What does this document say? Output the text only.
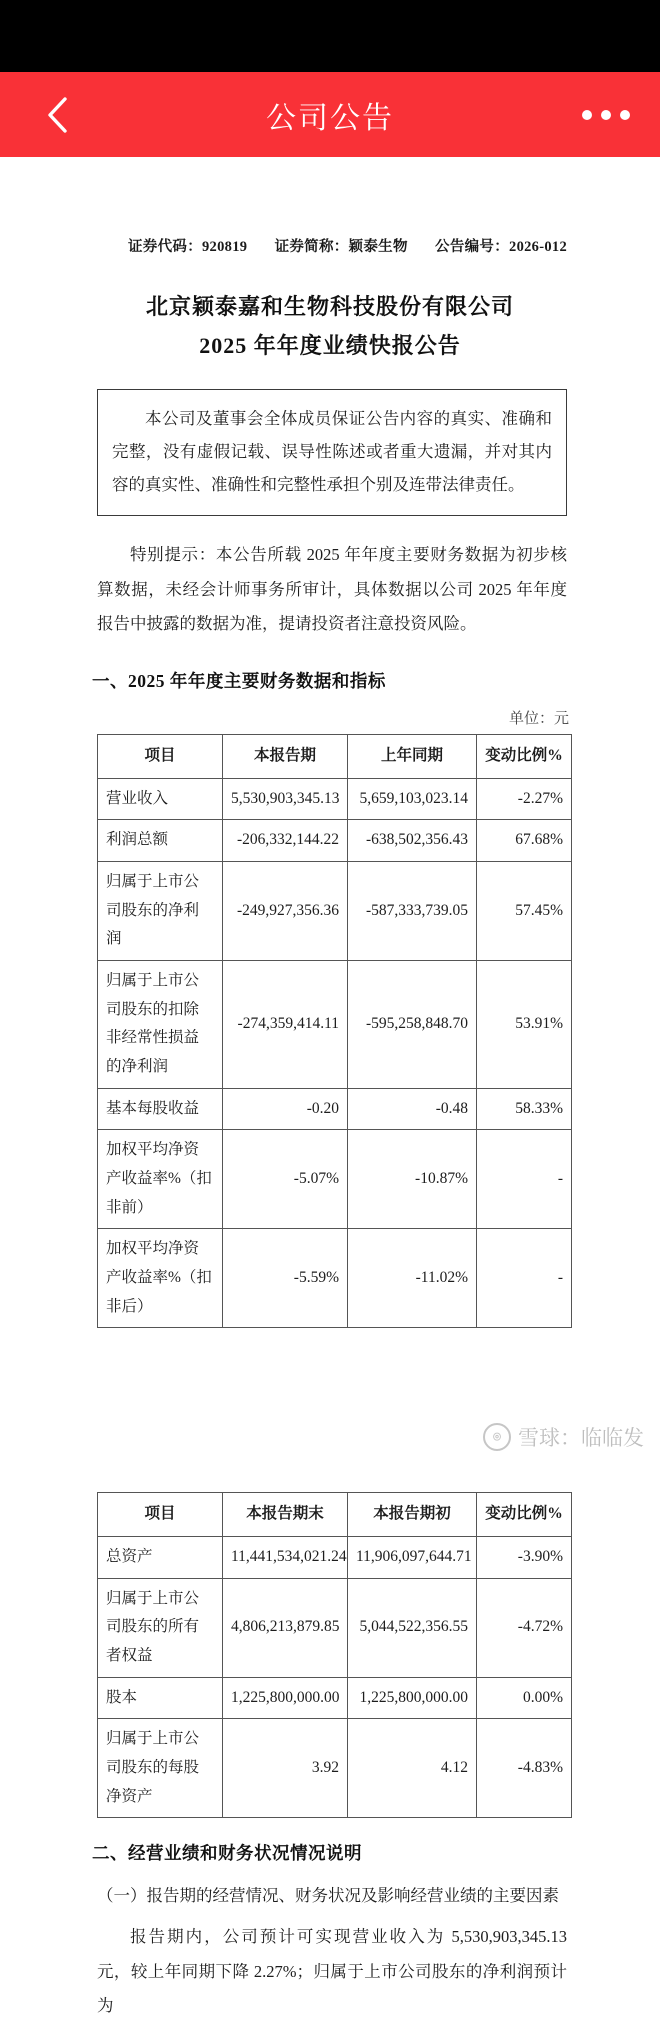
公司公告
证券代码：920819 证券简称：颖泰生物 公告编号：2026-012
北京颖泰嘉和生物科技股份有限公司
2025 年年度业绩快报公告

本公司及董事会全体成员保证公告内容的真实、准确和完整，没有虚假记载、误导性陈述或者重大遗漏，并对其内容的真实性、准确性和完整性承担个别及连带法律责任。

特别提示：本公告所载 2025 年年度主要财务数据为初步核算数据，未经会计师事务所审计，具体数据以公司 2025 年年度报告中披露的数据为准，提请投资者注意投资风险。
一、2025 年年度主要财务数据和指标
单位：元
项目	本报告期	上年同期	变动比例%
营业收入	5,530,903,345.13	5,659,103,023.14	-2.27%
利润总额	-206,332,144.22	-638,502,356.43	67.68%
归属于上市公司股东的净利润	-249,927,356.36	-587,333,739.05	57.45%
归属于上市公司股东的扣除非经常性损益的净利润	-274,359,414.11	-595,258,848.70	53.91%
基本每股收益	-0.20	-0.48	58.33%
加权平均净资产收益率%（扣非前）	-5.07%	-10.87%	-
加权平均净资产收益率%（扣非后）	-5.59%	-11.02%	-
项目	本报告期末	本报告期初	变动比例%
总资产	11,441,534,021.24	11,906,097,644.71	-3.90%
归属于上市公司股东的所有者权益	4,806,213,879.85	5,044,522,356.55	-4.72%
股本	1,225,800,000.00	1,225,800,000.00	0.00%
归属于上市公司股东的每股净资产	3.92	4.12	-4.83%
二、经营业绩和财务状况情况说明
（一）报告期的经营情况、财务状况及影响经营业绩的主要因素
报告期内，公司预计可实现营业收入为 5,530,903,345.13 元，较上年同期下降 2.27%；归属于上市公司股东的净利润预计为
⌾ 雪球：临临发
